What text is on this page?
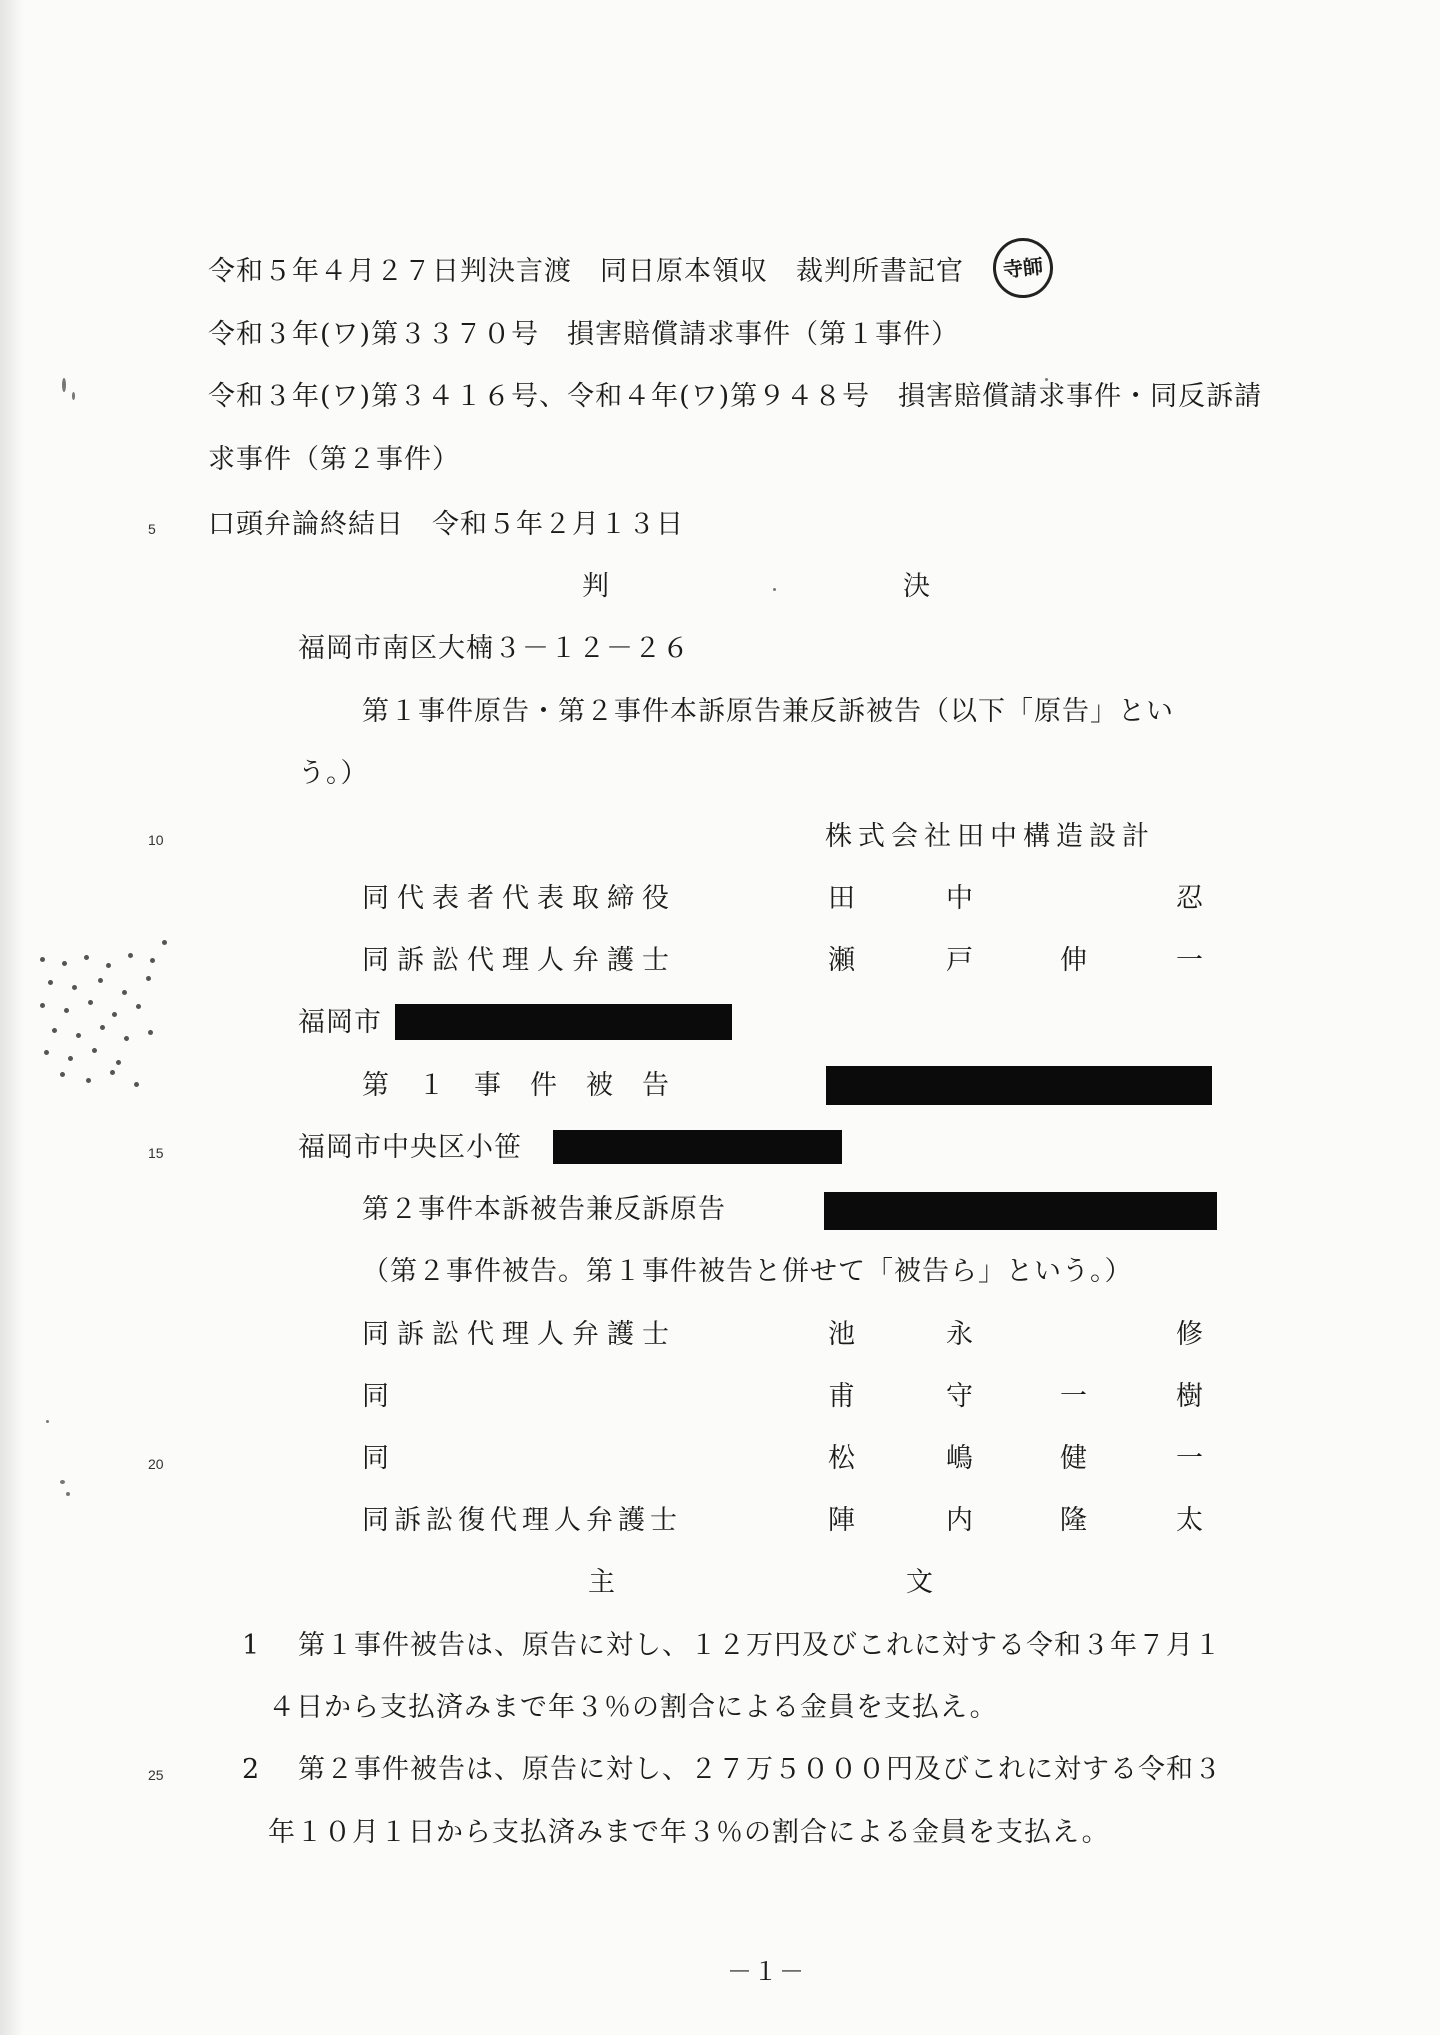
令和５年４月２７日判決言渡　同日原本領収　裁判所書記官 寺師
令和３年(ワ)第３３７０号　損害賠償請求事件（第１事件）
令和３年(ワ)第３４１６号、令和４年(ワ)第９４８号　損害賠償請求事件・同反訴請
求事件（第２事件）
5 口頭弁論終結日　令和５年２月１３日
判	決
福岡市南区大楠３－１２－２６
第１事件原告・第２事件本訴原告兼反訴被告（以下「原告」とい
う。）
10	株式会社田中構造設計
同代表者代表取締役	田	中	忍
同訴訟代理人弁護士	瀬	戸	伸	一
福岡市
第　１　事　件　被　告
15	福岡市中央区小笹
第２事件本訴被告兼反訴原告
（第２事件被告。第１事件被告と併せて「被告ら」という。）
同訴訟代理人弁護士	池	永	修
同	甫	守	一	樹
20	同	松	嶋	健	一
同訴訟復代理人弁護士	陣	内	隆	太
主	文
1 第１事件被告は、原告に対し、１２万円及びこれに対する令和３年７月１
４日から支払済みまで年３％の割合による金員を支払え。
25	2 第２事件被告は、原告に対し、２７万５０００円及びこれに対する令和３
年１０月１日から支払済みまで年３％の割合による金員を支払え。
－１－
